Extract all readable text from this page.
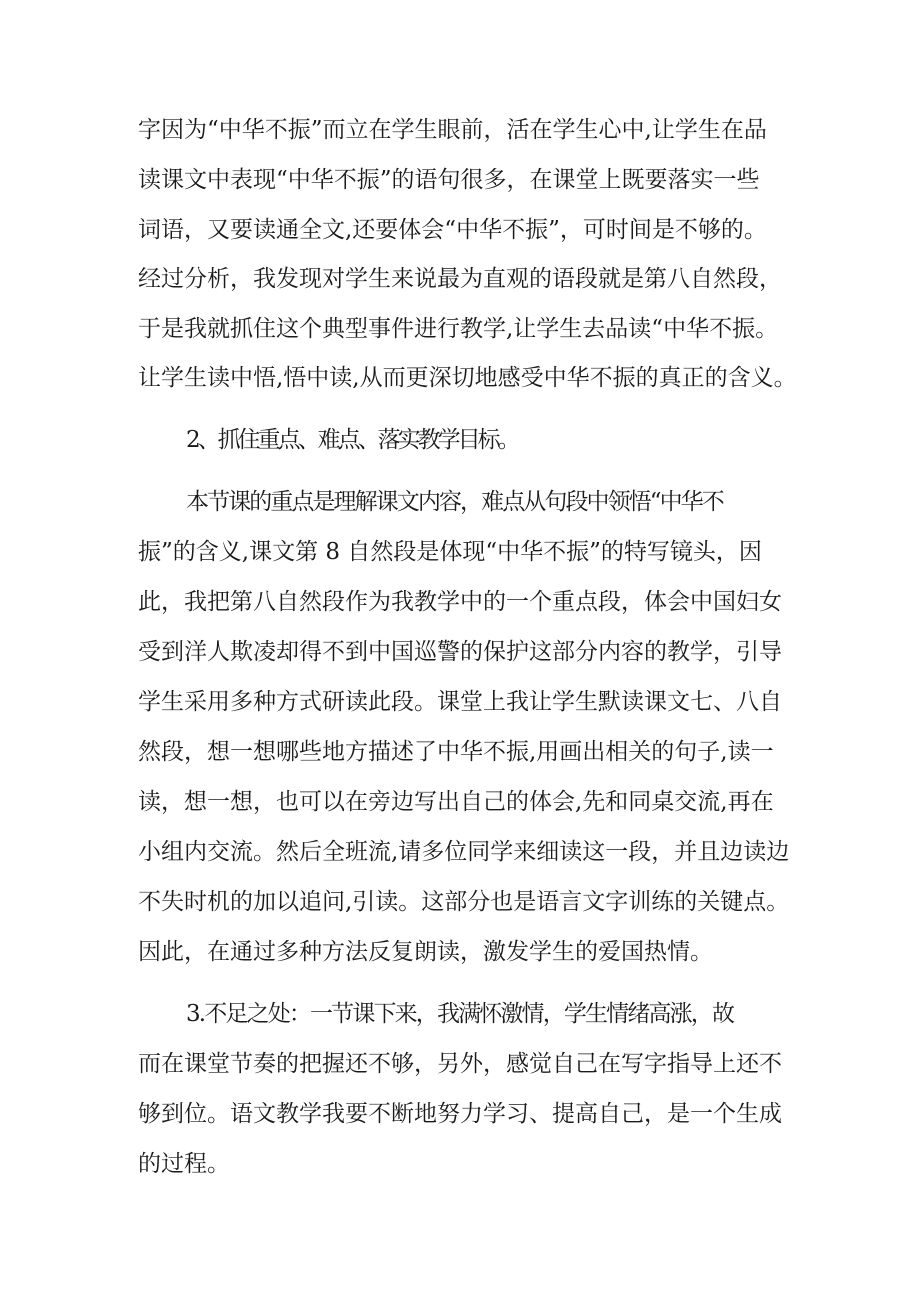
字因为“中华不振”而立在学生眼前，活在学生心中,让学生在品
读课文中表现“中华不振”的语句很多，在课堂上既要落实一些
词语，又要读通全文,还要体会“中华不振”，可时间是不够的。
经过分析，我发现对学生来说最为直观的语段就是第八自然段，
于是我就抓住这个典型事件进行教学,让学生去品读“中华不振。
让学生读中悟,悟中读,从而更深切地感受中华不振的真正的含义。
2、抓住重点、难点、落实教学目标。
本节课的重点是理解课文内容，难点从句段中领悟“中华不
振”的含义,课文第 8 自然段是体现“中华不振”的特写镜头，因
此，我把第八自然段作为我教学中的一个重点段，体会中国妇女
受到洋人欺凌却得不到中国巡警的保护这部分内容的教学，引导
学生采用多种方式研读此段。课堂上我让学生默读课文七、八自
然段，想一想哪些地方描述了中华不振,用画出相关的句子,读一
读，想一想，也可以在旁边写出自己的体会,先和同桌交流,再在
小组内交流。然后全班流,请多位同学来细读这一段，并且边读边
不失时机的加以追问,引读。这部分也是语言文字训练的关键点。
因此，在通过多种方法反复朗读，激发学生的爱国热情。
3.不足之处：一节课下来，我满怀激情，学生情绪高涨，故
而在课堂节奏的把握还不够，另外，感觉自己在写字指导上还不
够到位。语文教学我要不断地努力学习、提高自己，是一个生成
的过程。
